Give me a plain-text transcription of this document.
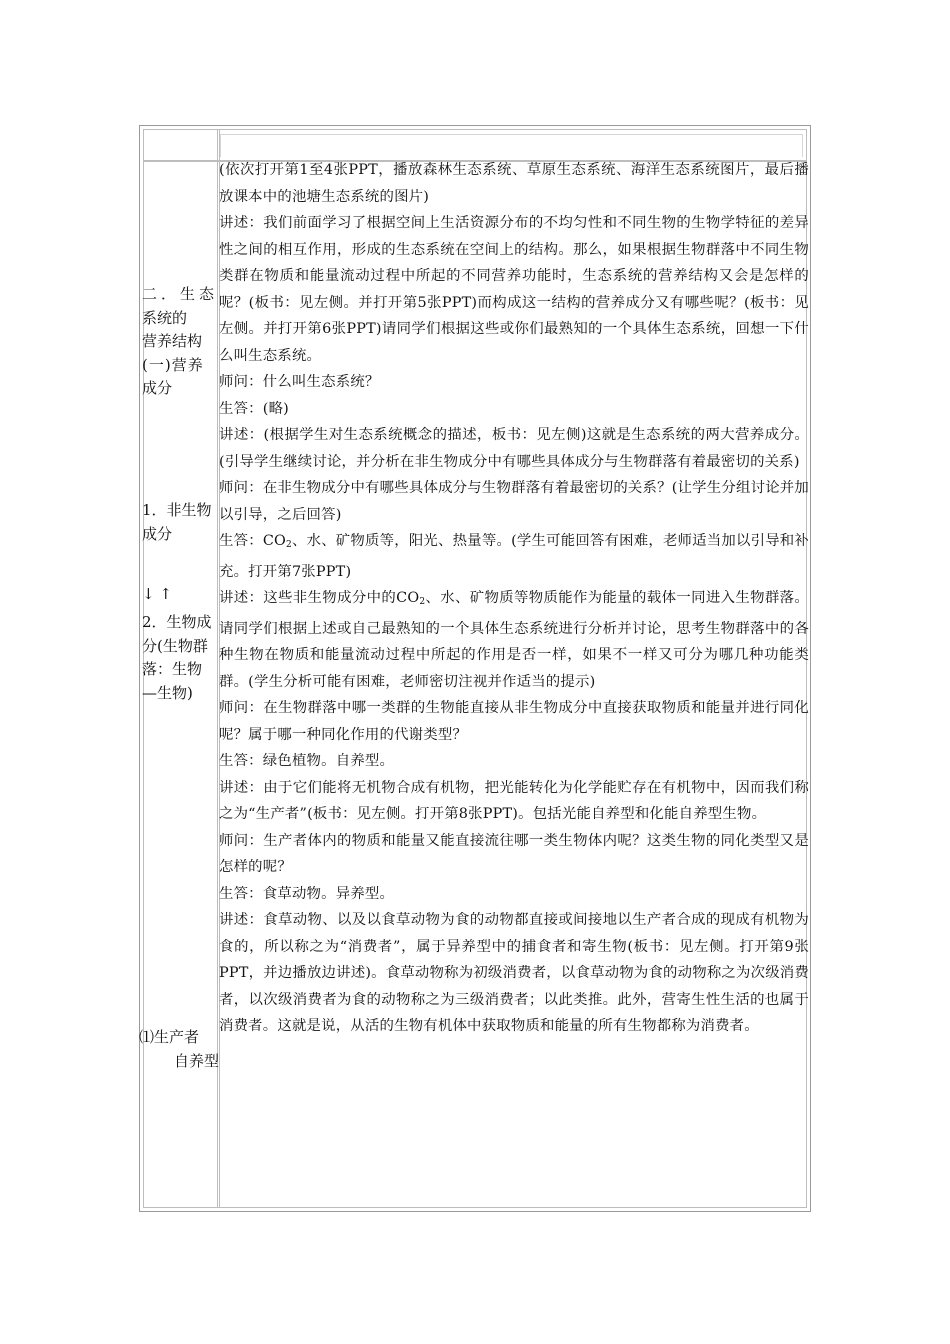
二．生态
系统的
营养结构
(一)营养
成分
1．非生物
成分
↓ ↑
2．生物成
分(生物群
落：生物
—生物)
⑴生产者
自养型

(依次打开第1至4张PPT，播放森林生态系统、草原生态系统、海洋生态系统图片，最后播放课本中的池塘生态系统的图片)

讲述：我们前面学习了根据空间上生活资源分布的不均匀性和不同生物的生物学特征的差异性之间的相互作用，形成的生态系统在空间上的结构。那么，如果根据生物群落中不同生物类群在物质和能量流动过程中所起的不同营养功能时，生态系统的营养结构又会是怎样的呢？(板书：见左侧。并打开第5张PPT)而构成这一结构的营养成分又有哪些呢？(板书：见左侧。并打开第6张PPT)请同学们根据这些或你们最熟知的一个具体生态系统，回想一下什么叫生态系统。

师问：什么叫生态系统？

生答：(略)

讲述：(根据学生对生态系统概念的描述，板书：见左侧)这就是生态系统的两大营养成分。(引导学生继续讨论，并分析在非生物成分中有哪些具体成分与生物群落有着最密切的关系)

师问：在非生物成分中有哪些具体成分与生物群落有着最密切的关系？(让学生分组讨论并加以引导，之后回答)

生答：$CO_2$、水、矿物质等，阳光、热量等。(学生可能回答有困难，老师适当加以引导和补充。打开第7张PPT)

讲述：这些非生物成分中的$CO_2$、水、矿物质等物质能作为能量的载体一同进入生物群落。请同学们根据上述或自己最熟知的一个具体生态系统进行分析并讨论，思考生物群落中的各种生物在物质和能量流动过程中所起的作用是否一样，如果不一样又可分为哪几种功能类群。(学生分析可能有困难，老师密切注视并作适当的提示)

师问：在生物群落中哪一类群的生物能直接从非生物成分中直接获取物质和能量并进行同化呢？属于哪一种同化作用的代谢类型？

生答：绿色植物。自养型。

讲述：由于它们能将无机物合成有机物，把光能转化为化学能贮存在有机物中，因而我们称之为“生产者”(板书：见左侧。打开第8张PPT)。包括光能自养型和化能自养型生物。

师问：生产者体内的物质和能量又能直接流往哪一类生物体内呢？这类生物的同化类型又是怎样的呢？

生答：食草动物。异养型。

讲述：食草动物、以及以食草动物为食的动物都直接或间接地以生产者合成的现成有机物为食的，所以称之为“消费者”，属于异养型中的捕食者和寄生物(板书：见左侧。打开第9张PPT，并边播放边讲述)。食草动物称为初级消费者，以食草动物为食的动物称之为次级消费者，以次级消费者为食的动物称之为三级消费者；以此类推。此外，营寄生性生活的也属于消费者。这就是说，从活的生物有机体中获取物质和能量的所有生物都称为消费者。
